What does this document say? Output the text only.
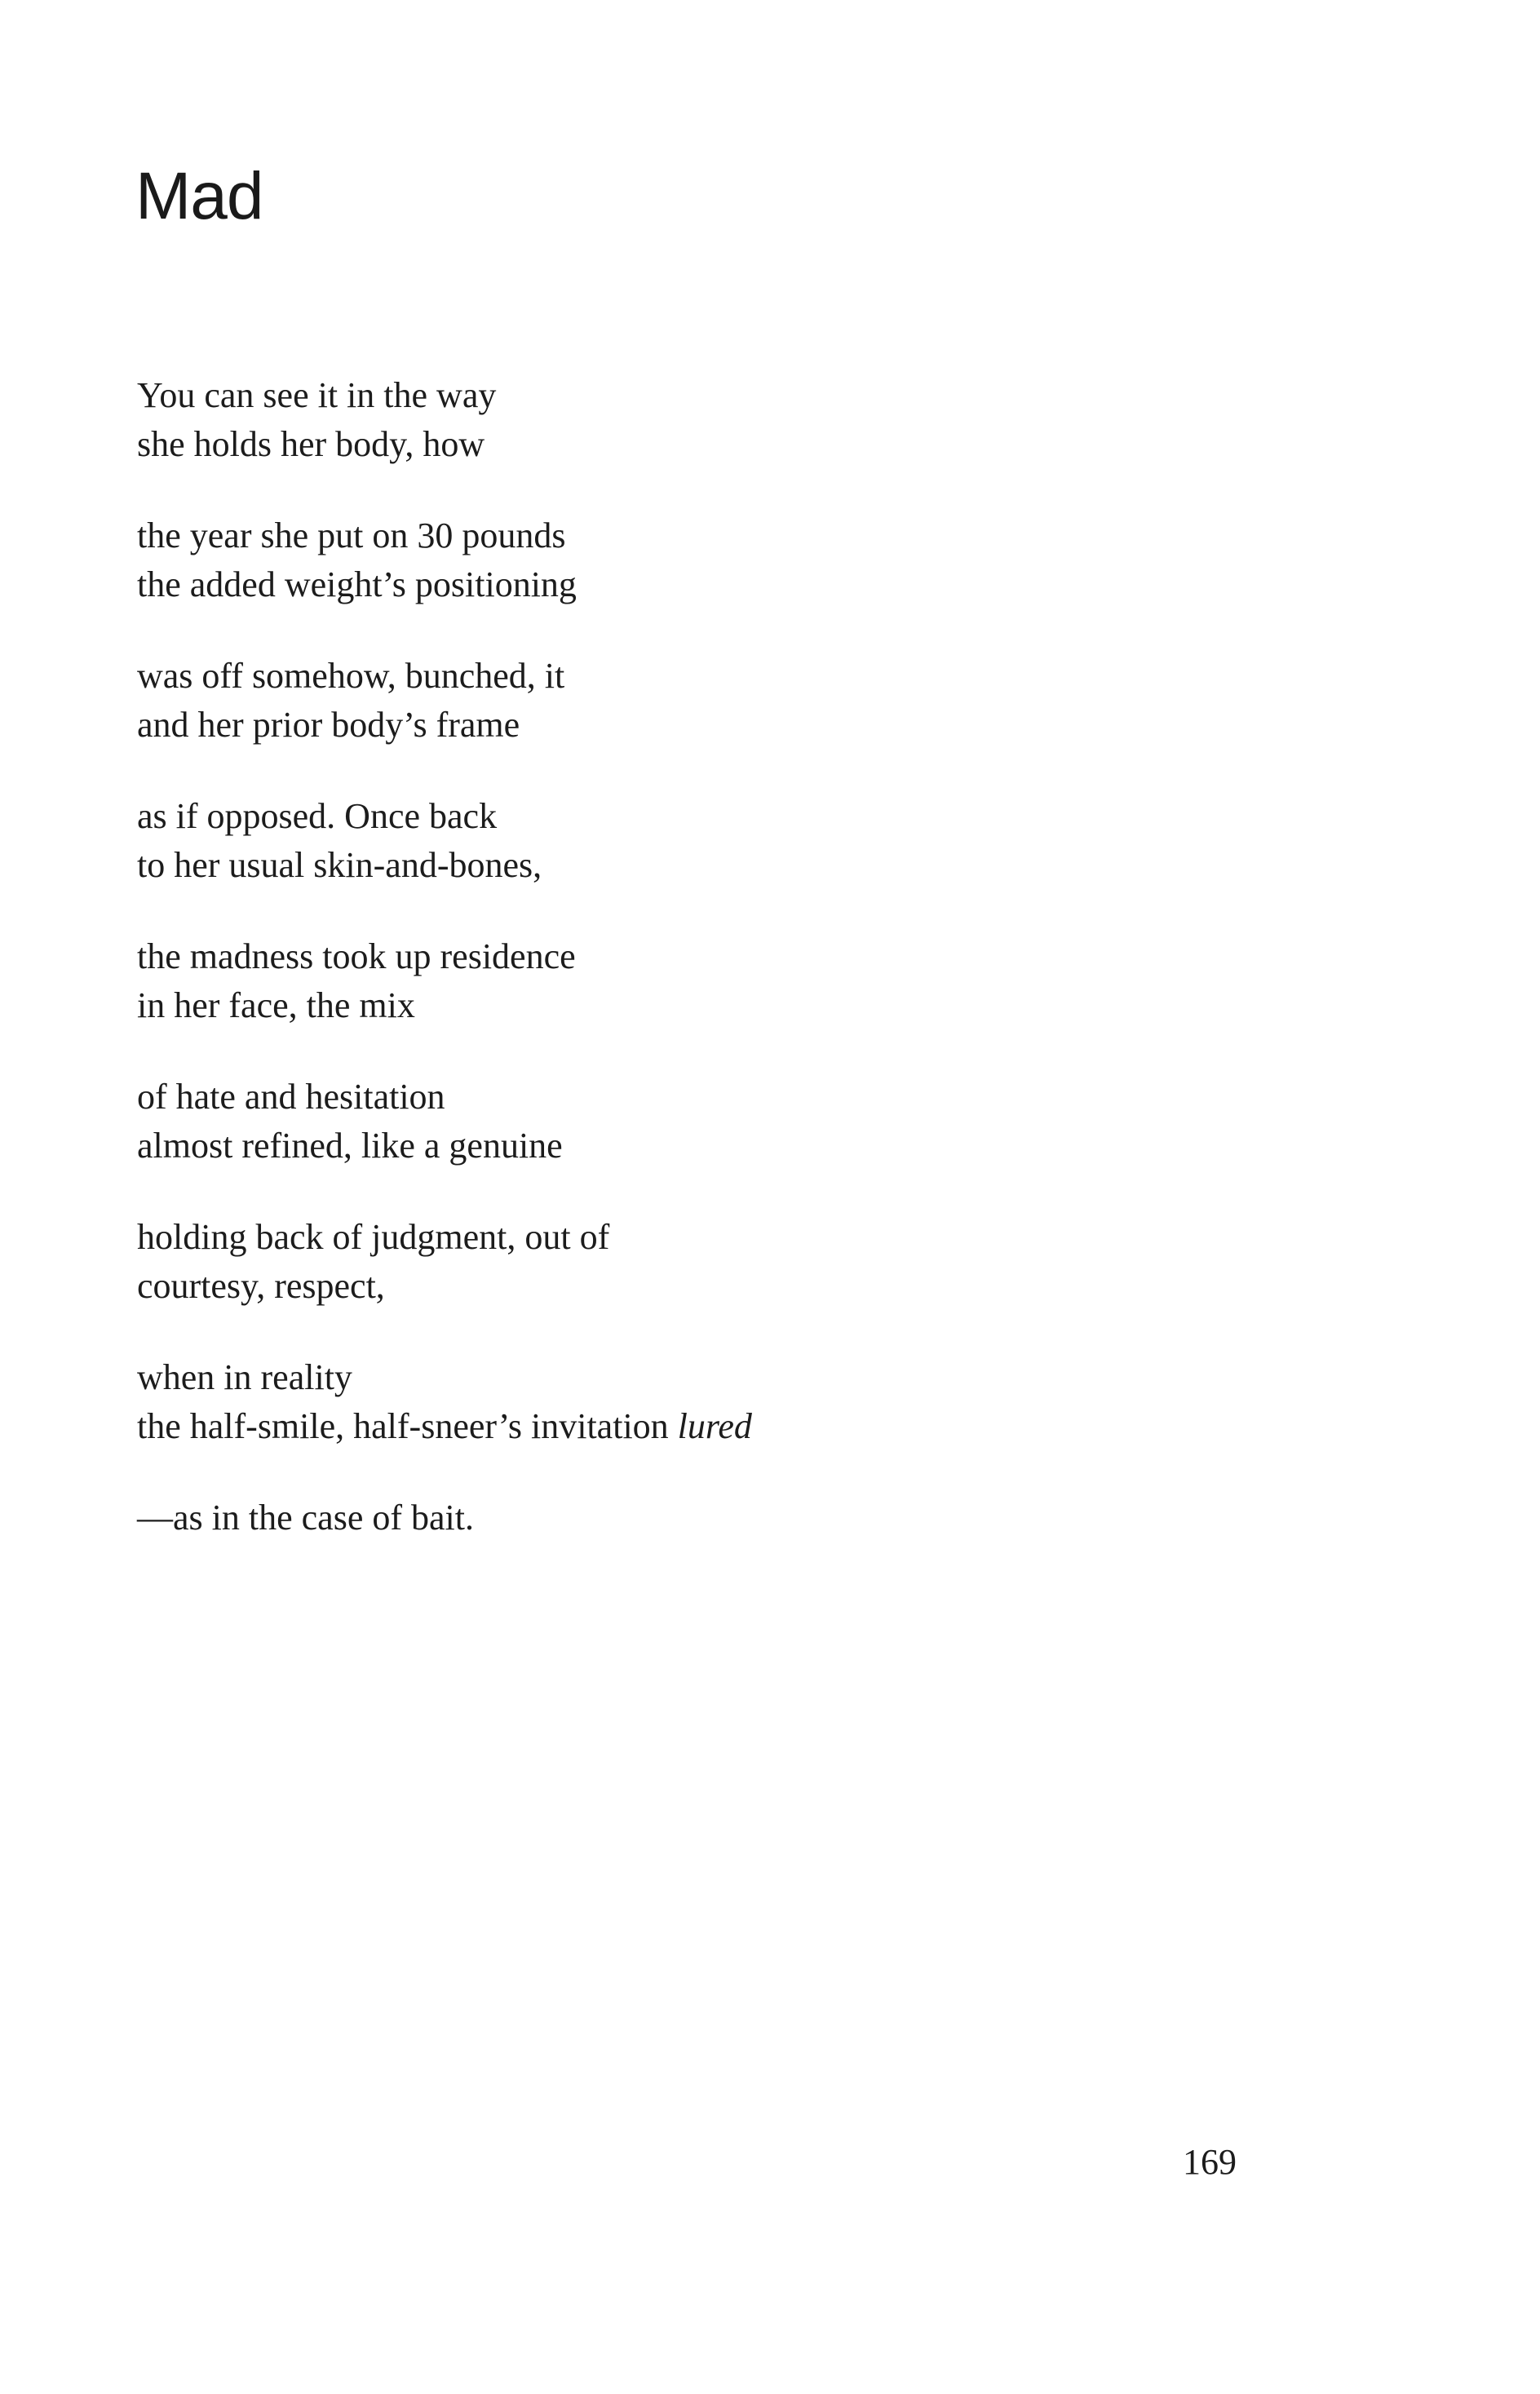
Mad
You can see it in the way
she holds her body, how
the year she put on 30 pounds
the added weight’s positioning
was off somehow, bunched, it
and her prior body’s frame
as if opposed. Once back
to her usual skin-and-bones,
the madness took up residence
in her face, the mix
of hate and hesitation
almost refined, like a genuine
holding back of judgment, out of
courtesy, respect,
when in reality
the half-smile, half-sneer’s invitation lured
—as in the case of bait.
169
